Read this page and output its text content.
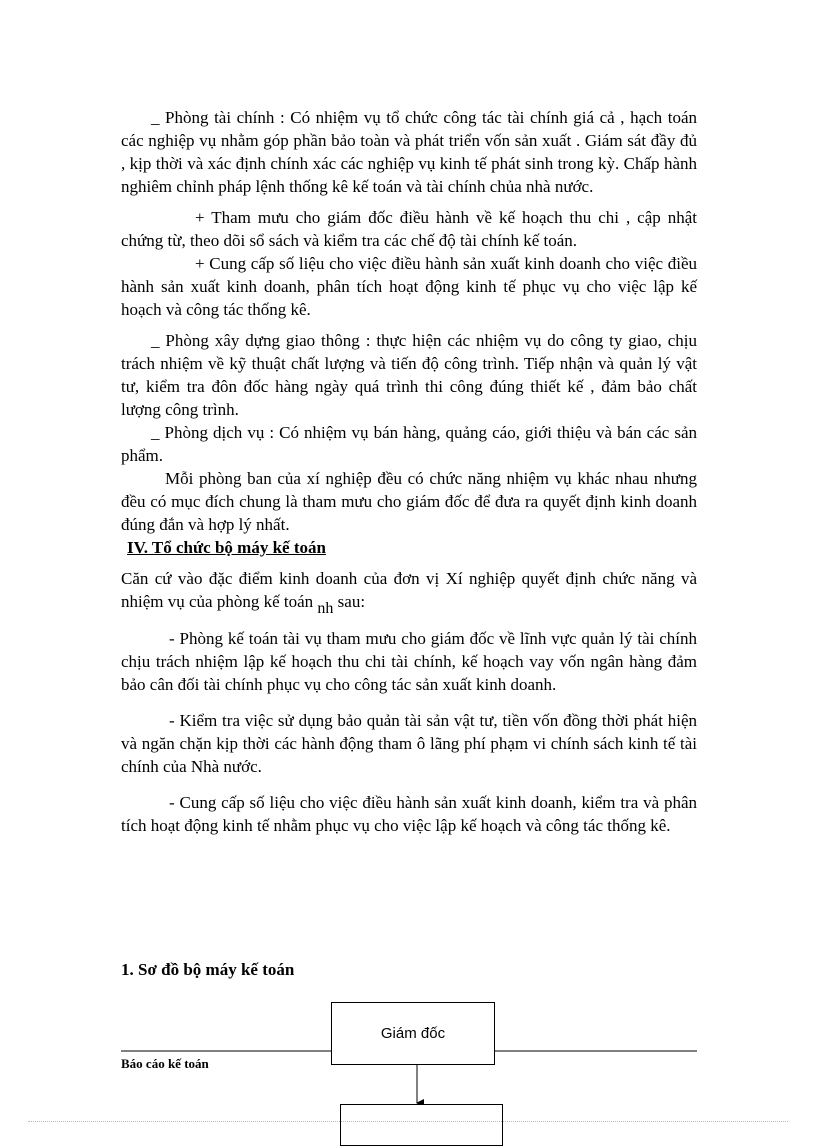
_ Phòng tài chính : Có nhiệm vụ tổ chức công tác tài chính giá cả , hạch toán các nghiệp vụ nhằm góp phần bảo toàn và phát triển vốn sản xuất . Giám sát đầy đủ , kịp thời và xác định chính xác các nghiệp vụ kinh tế phát sinh trong kỳ. Chấp hành nghiêm chỉnh pháp lệnh thống kê kế toán và tài chính chủa nhà nước.

+ Tham mưu cho giám đốc điều hành về kế hoạch thu chi , cập nhật chứng từ, theo dõi sổ sách và kiểm tra các chế độ tài chính kế toán.

+ Cung cấp số liệu cho việc điều hành sản xuất kinh doanh cho việc điều hành sản xuất kinh doanh, phân tích hoạt động kinh tế phục vụ cho việc lập kế hoạch và công tác thống kê.

_ Phòng xây dựng giao thông : thực hiện các nhiệm vụ do công ty giao, chịu trách nhiệm về kỹ thuật chất lượng và tiến độ công trình. Tiếp nhận và quản lý vật tư, kiểm tra đôn đốc hàng ngày quá trình thi công đúng thiết kế , đảm bảo chất lượng công trình.

_ Phòng dịch vụ : Có nhiệm vụ bán hàng, quảng cáo, giới thiệu và bán các sản phẩm.

Mỗi phòng ban của xí nghiệp đều có chức năng nhiệm vụ khác nhau nhưng đều có mục đích chung là tham mưu cho giám đốc để đưa ra quyết định kinh doanh đúng đắn và hợp lý nhất.

IV. Tổ chức bộ máy kế toán

Căn cứ vào đặc điểm kinh doanh của đơn vị Xí nghiệp quyết định chức năng và nhiệm vụ của phòng kế toán nh sau:

- Phòng kế toán tài vụ tham mưu cho giám đốc về lĩnh vực quản lý tài chính chịu trách nhiệm lập kế hoạch thu chi tài chính, kế hoạch vay vốn ngân hàng đảm bảo cân đối tài chính phục vụ cho công tác sản xuất kinh doanh.

- Kiểm tra việc sử dụng bảo quản tài sản vật tư, tiền vốn đồng thời phát hiện và ngăn chặn kịp thời các hành động tham ô lãng phí phạm vi chính sách kinh tế tài chính của Nhà nước.

- Cung cấp số liệu cho việc điều hành sản xuất kinh doanh, kiểm tra và phân tích hoạt động kinh tế nhằm phục vụ cho việc lập kế hoạch và công tác thống kê.

1. Sơ đồ bộ máy kế toán
Giám đốc
Báo cáo kế toán
